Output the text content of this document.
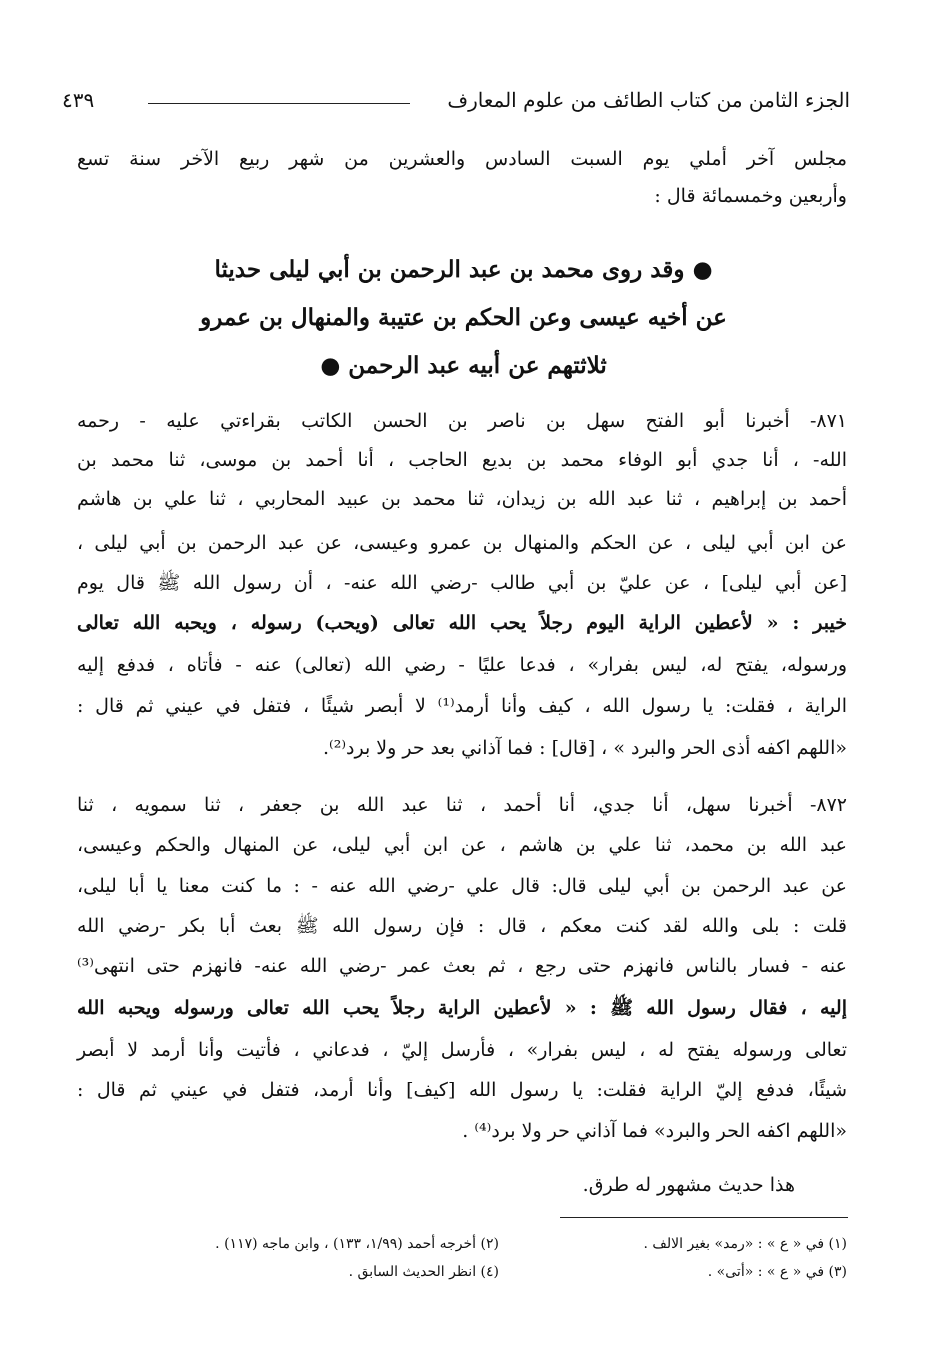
الجزء الثامن من كتاب الطائف من علوم المعارف
٤٣٩
مجلس آخر أملي يوم السبت السادس والعشرين من شهر ربيع الآخر سنة تسع
وأربعين وخمسمائة قال :
● وقد روى محمد بن عبد الرحمن بن أبي ليلى حديثا
عن أخيه عيسى وعن الحكم بن عتيبة والمنهال بن عمرو
ثلاثتهم عن أبيه عبد الرحمن ●
٨٧١- أخبرنا أبو الفتح سهل بن ناصر بن الحسن الكاتب بقراءتي عليه - رحمه
الله- ، أنا جدي أبو الوفاء محمد بن بديع الحاجب ، أنا أحمد بن موسى، ثنا محمد بن
أحمد بن إبراهيم ، ثنا عبد الله بن زيدان، ثنا محمد بن عبيد المحاربي ، ثنا علي بن هاشم
عن ابن أبي ليلى ، عن الحكم والمنهال بن عمرو وعيسى، عن عبد الرحمن بن أبي ليلى ،
[عن أبي ليلى] ، عن عليّ بن أبي طالب -رضي الله عنه- ، أن رسول الله ﷺ قال يوم
خيبر : « لأعطين الراية اليوم رجلاً يحب الله تعالى (ويحب) رسوله ، ويحبه الله تعالى
ورسوله، يفتح له، ليس بفرار» ، فدعا عليًا - رضي الله (تعالى) عنه - فأتاه ، فدفع إليه
الراية ، فقلت: يا رسول الله ، كيف وأنا أرمد⁽¹⁾ لا أبصر شيئًا ، فتفل في عيني ثم قال :
«اللهم اكفه أذى الحر والبرد » ، [قال] : فما آذاني بعد حر ولا برد⁽²⁾.
٨٧٢- أخبرنا سهل، أنا جدي، أنا أحمد ، ثنا عبد الله بن جعفر ، ثنا سمويه ، ثنا
عبد الله بن محمد، ثنا علي بن هاشم ، عن ابن أبي ليلى، عن المنهال والحكم وعيسى،
عن عبد الرحمن بن أبي ليلى قال: قال علي -رضي الله عنه - : ما كنت معنا يا أبا ليلى،
قلت : بلى والله لقد كنت معكم ، قال : فإن رسول الله ﷺ بعث أبا بكر -رضي الله
عنه - فسار بالناس فانهزم حتى رجع ، ثم بعث عمر -رضي الله عنه- فانهزم حتى انتهى⁽³⁾
إليه ، فقال رسول الله ﷺ : « لأعطين الراية رجلاً يحب الله تعالى ورسوله ويحبه الله
تعالى ورسوله يفتح له ، ليس بفرار» ، فأرسل إليّ ، فدعاني ، فأتيت وأنا أرمد لا أبصر
شيئًا، فدفع إليّ الراية فقلت: يا رسول الله [كيف] وأنا أرمد، فتفل في عيني ثم قال :
«اللهم اكفه الحر والبرد» فما آذاني حر ولا برد⁽⁴⁾ .
هذا حديث مشهور له طرق.
(١) في « ع » : «رمد» بغير الالف .
(٣) في « ع » : «أتى» .
(٢) أخرجه أحمد (١/٩٩، ١٣٣) ، وابن ماجه (١١٧) .
(٤) انظر الحديث السابق .
